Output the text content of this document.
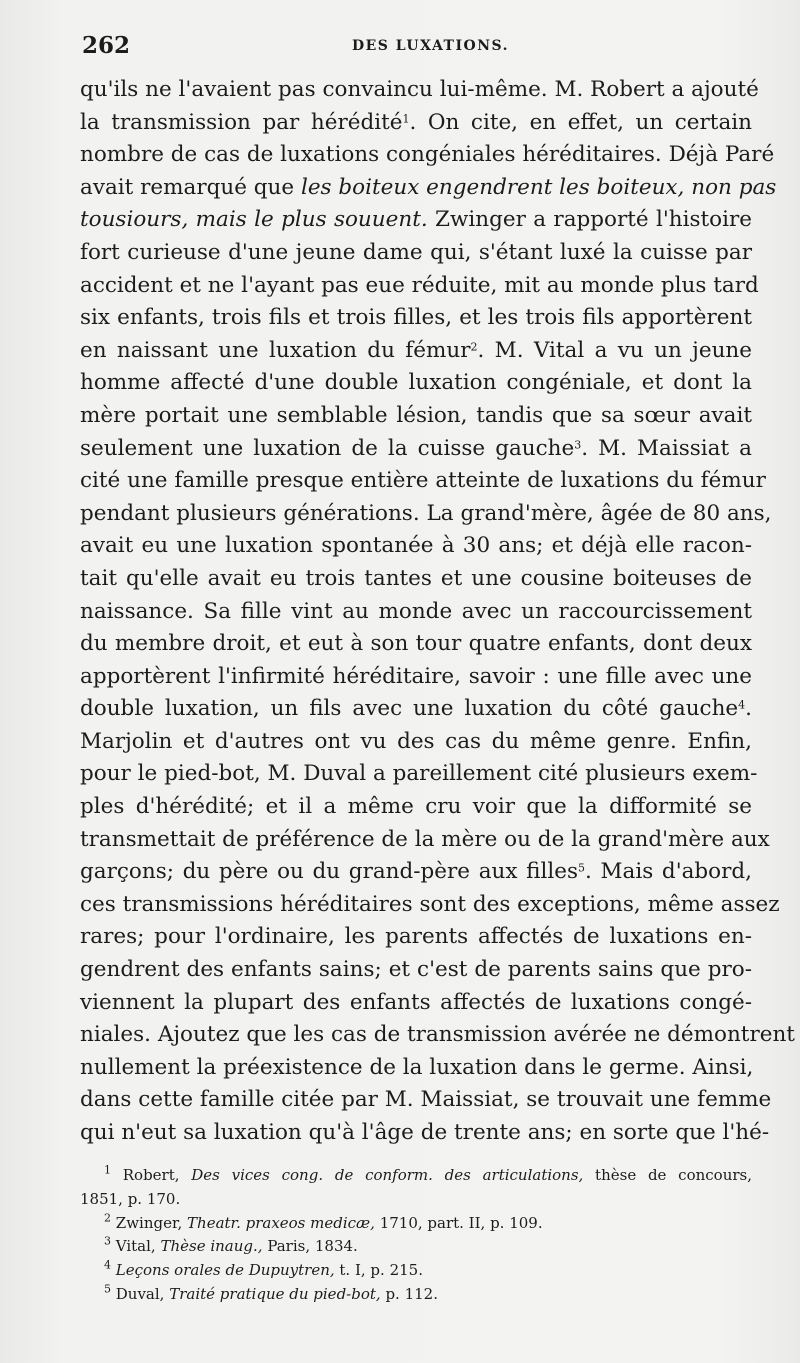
262	DES LUXATIONS.
qu'ils ne l'avaient pas convaincu lui-même. M. Robert a ajouté
la transmission par hérédité$^1$. On cite, en effet, un certain
nombre de cas de luxations congéniales héréditaires. Déjà Paré
avait remarqué que les boiteux engendrent les boiteux, non pas
tousiours, mais le plus souuent. Zwinger a rapporté l'histoire
fort curieuse d'une jeune dame qui, s'étant luxé la cuisse par
accident et ne l'ayant pas eue réduite, mit au monde plus tard
six enfants, trois fils et trois filles, et les trois fils apportèrent
en naissant une luxation du fémur$^2$. M. Vital a vu un jeune
homme affecté d'une double luxation congéniale, et dont la
mère portait une semblable lésion, tandis que sa sœur avait
seulement une luxation de la cuisse gauche$^3$. M. Maissiat a
cité une famille presque entière atteinte de luxations du fémur
pendant plusieurs générations. La grand'mère, âgée de 80 ans,
avait eu une luxation spontanée à 30 ans; et déjà elle racon-
tait qu'elle avait eu trois tantes et une cousine boiteuses de
naissance. Sa fille vint au monde avec un raccourcissement
du membre droit, et eut à son tour quatre enfants, dont deux
apportèrent l'infirmité héréditaire, savoir : une fille avec une
double luxation, un fils avec une luxation du côté gauche$^4$.
Marjolin et d'autres ont vu des cas du même genre. Enfin,
pour le pied-bot, M. Duval a pareillement cité plusieurs exem-
ples d'hérédité; et il a même cru voir que la difformité se
transmettait de préférence de la mère ou de la grand'mère aux
garçons; du père ou du grand-père aux filles$^5$. Mais d'abord,
ces transmissions héréditaires sont des exceptions, même assez
rares; pour l'ordinaire, les parents affectés de luxations en-
gendrent des enfants sains; et c'est de parents sains que pro-
viennent la plupart des enfants affectés de luxations congé-
niales. Ajoutez que les cas de transmission avérée ne démontrent
nullement la préexistence de la luxation dans le germe. Ainsi,
dans cette famille citée par M. Maissiat, se trouvait une femme
qui n'eut sa luxation qu'à l'âge de trente ans; en sorte que l'hé-
$^1$ Robert, Des vices cong. de conform. des articulations, thèse de concours,
1851, p. 170.
$^2$ Zwinger, Theatr. praxeos medicæ, 1710, part. II, p. 109.
$^3$ Vital, Thèse inaug., Paris, 1834.
$^4$ Leçons orales de Dupuytren, t. I, p. 215.
$^5$ Duval, Traité pratique du pied-bot, p. 112.
